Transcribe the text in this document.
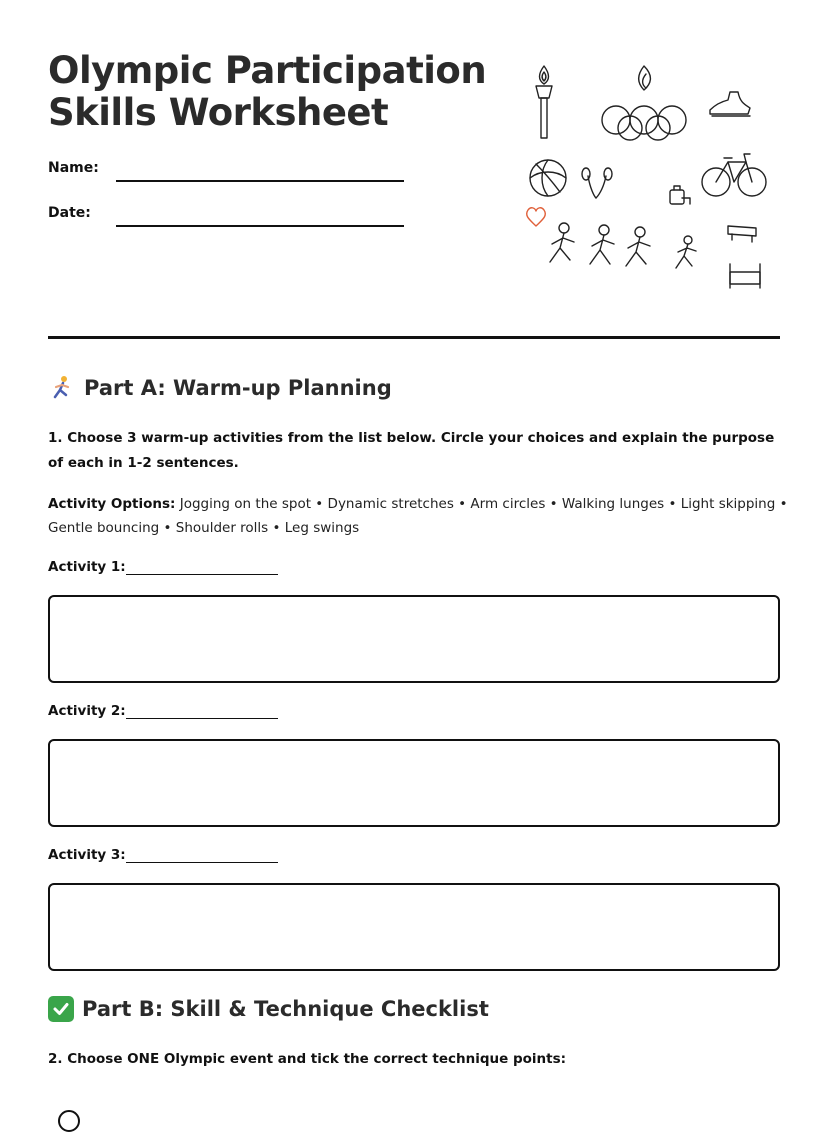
Olympic Participation
Skills Worksheet
Name:
Date:
Part A: Warm-up Planning
1. Choose 3 warm-up activities from the list below. Circle your choices and explain the purpose of each in 1-2 sentences.
Activity Options: Jogging on the spot • Dynamic stretches • Arm circles • Walking lunges • Light skipping • Gentle bouncing • Shoulder rolls • Leg swings
Activity 1:
Activity 2:
Activity 3:
Part B: Skill & Technique Checklist
2. Choose ONE Olympic event and tick the correct technique points:
